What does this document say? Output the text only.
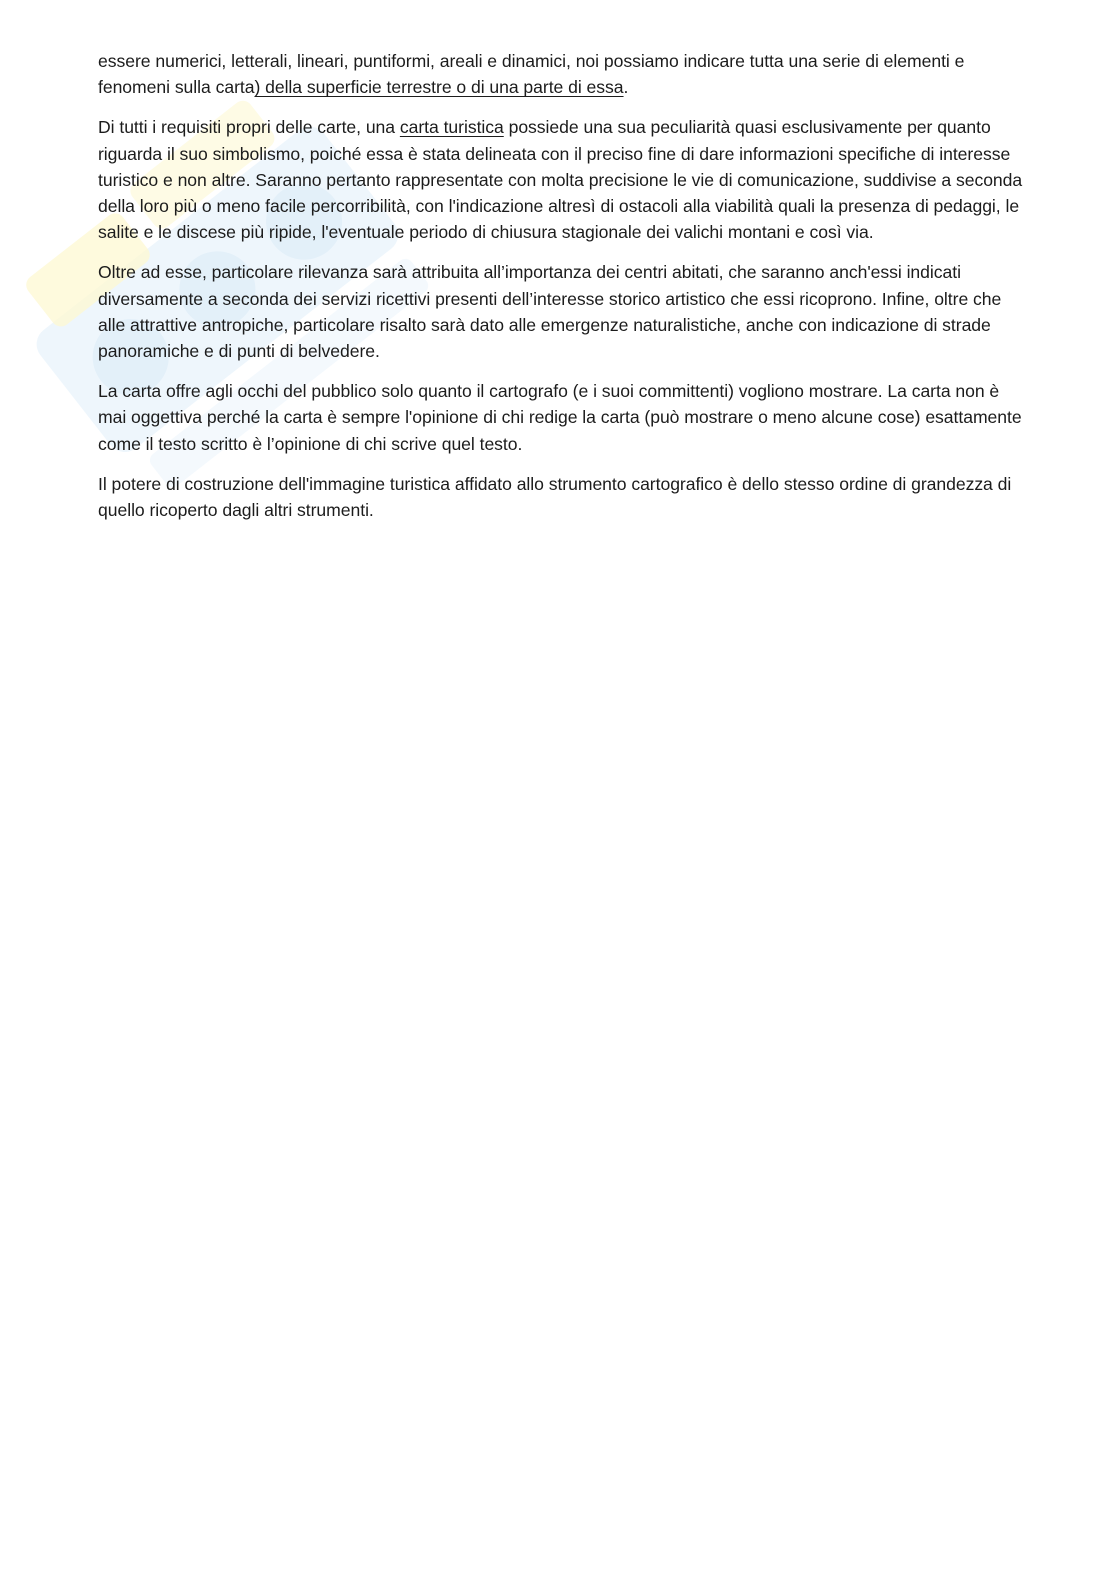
essere numerici, letterali, lineari, puntiformi, areali e dinamici, noi possiamo indicare tutta una serie di elementi e fenomeni sulla carta) della superficie terrestre o di una parte di essa.

Di tutti i requisiti propri delle carte, una carta turistica possiede una sua peculiarità quasi esclusivamente per quanto riguarda il suo simbolismo, poiché essa è stata delineata con il preciso fine di dare informazioni specifiche di interesse turistico e non altre. Saranno pertanto rappresentate con molta precisione le vie di comunicazione, suddivise a seconda della loro più o meno facile percorribilità, con l'indicazione altresì di ostacoli alla viabilità quali la presenza di pedaggi, le salite e le discese più ripide, l'eventuale periodo di chiusura stagionale dei valichi montani e così via.

Oltre ad esse, particolare rilevanza sarà attribuita all’importanza dei centri abitati, che saranno anch'essi indicati diversamente a seconda dei servizi ricettivi presenti dell’interesse storico artistico che essi ricoprono. Infine, oltre che alle attrattive antropiche, particolare risalto sarà dato alle emergenze naturalistiche, anche con indicazione di strade panoramiche e di punti di belvedere.

La carta offre agli occhi del pubblico solo quanto il cartografo (e i suoi committenti) vogliono mostrare. La carta non è mai oggettiva perché la carta è sempre l'opinione di chi redige la carta (può mostrare o meno alcune cose) esattamente come il testo scritto è l’opinione di chi scrive quel testo.

Il potere di costruzione dell'immagine turistica affidato allo strumento cartografico è dello stesso ordine di grandezza di quello ricoperto dagli altri strumenti.
